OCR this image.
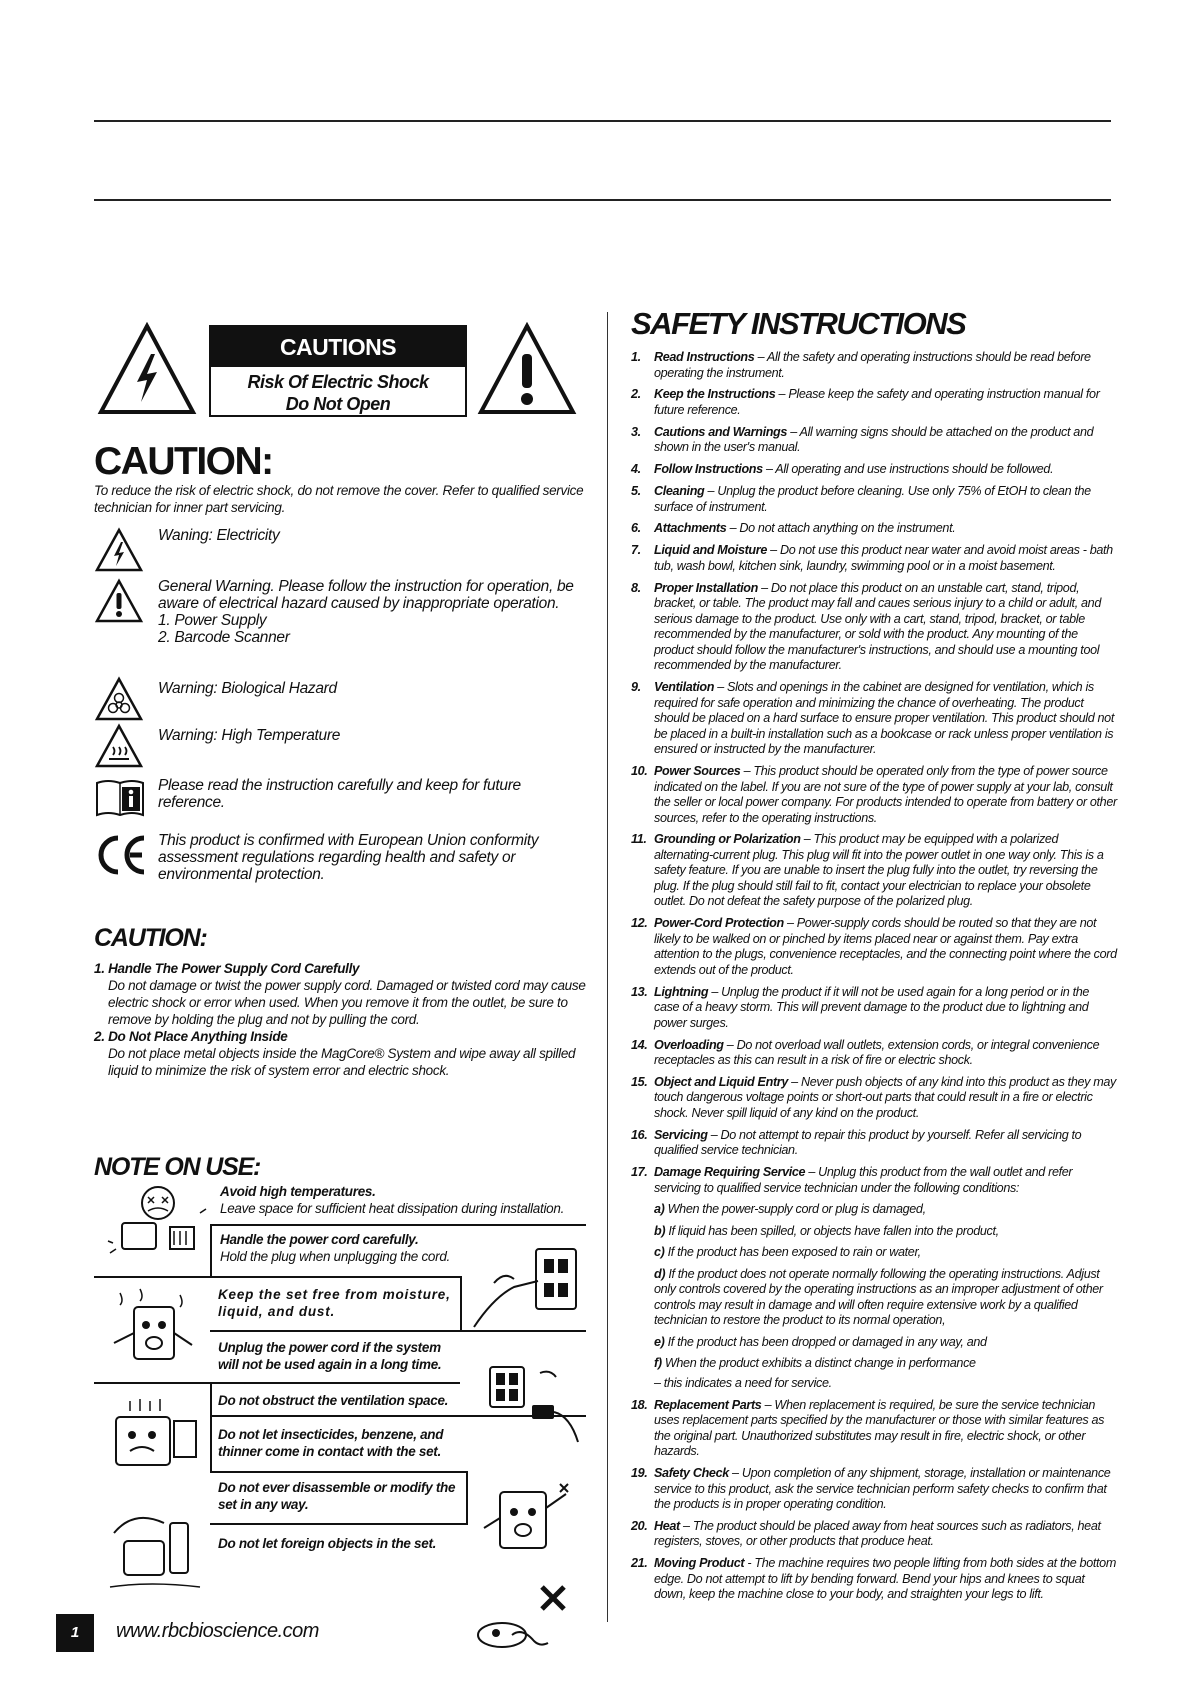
CAUTIONS
Risk Of Electric Shock
Do Not Open
CAUTION:
To reduce the risk of electric shock, do not remove the cover. Refer to qualified service technician for inner part servicing.
Waning: Electricity
General Warning. Please follow the instruction for operation, be aware of electrical hazard caused by inappropriate operation.
1. Power Supply
2. Barcode Scanner
Warning: Biological Hazard
Warning: High Temperature
Please read the instruction carefully and keep for future reference.
This product is confirmed with European Union conformity assessment regulations regarding health and safety or environmental protection.
CAUTION:
1. Handle The Power Supply Cord Carefully
Do not damage or twist the power supply cord. Damaged or twisted cord may cause electric shock or error when used. When you remove it from the outlet, be sure to remove by holding the plug and not by pulling the cord.
2. Do Not Place Anything Inside
Do not place metal objects inside the MagCore® System and wipe away all spilled liquid to minimize the risk of system error and electric shock.
NOTE ON USE:
Avoid high temperatures.
Leave space for sufficient heat dissipation during installation.
Handle the power cord carefully.
Hold the plug when unplugging the cord.
Keep the set free from moisture, liquid, and dust.
Unplug the power cord if the system will not be used again in a long time.
Do not obstruct the ventilation space.
Do not let insecticides, benzene, and thinner come in contact with the set.
Do not ever disassemble or modify the set in any way.
Do not let foreign objects in the set.
SAFETY INSTRUCTIONS
1. Read Instructions – All the safety and operating instructions should be read before operating the instrument.
2. Keep the Instructions – Please keep the safety and operating instruction manual for future reference.
3. Cautions and Warnings – All warning signs should be attached on the product and shown in the user's manual.
4. Follow Instructions – All operating and use instructions should be followed.
5. Cleaning – Unplug the product before cleaning. Use only 75% of EtOH to clean the surface of instrument.
6. Attachments – Do not attach anything on the instrument.
7. Liquid and Moisture – Do not use this product near water and avoid moist areas - bath tub, wash bowl, kitchen sink, laundry, swimming pool or in a moist basement.
8. Proper Installation – Do not place this product on an unstable cart, stand, tripod, bracket, or table. The product may fall and caues serious injury to a child or adult, and serious damage to the product. Use only with a cart, stand, tripod, bracket, or table recommended by the manufacturer, or sold with the product. Any mounting of the product should follow the manufacturer's instructions, and should use a mounting tool recommended by the manufacturer.
9. Ventilation – Slots and openings in the cabinet are designed for ventilation, which is required for safe operation and minimizing the chance of overheating. The product should be placed on a hard surface to ensure proper ventilation. This product should not be placed in a built-in installation such as a bookcase or rack unless proper ventilation is ensured or instructed by the manufacturer.
10. Power Sources – This product should be operated only from the type of power source indicated on the label. If you are not sure of the type of power supply at your lab, consult the seller or local power company. For products intended to operate from battery or other sources, refer to the operating instructions.
11. Grounding or Polarization – This product may be equipped with a polarized alternating-current plug. This plug will fit into the power outlet in one way only. This is a safety feature. If you are unable to insert the plug fully into the outlet, try reversing the plug. If the plug should still fail to fit, contact your electrician to replace your obsolete outlet. Do not defeat the safety purpose of the polarized plug.
12. Power-Cord Protection – Power-supply cords should be routed so that they are not likely to be walked on or pinched by items placed near or against them. Pay extra attention to the plugs, convenience receptacles, and the connecting point where the cord extends out of the product.
13. Lightning – Unplug the product if it will not be used again for a long period or in the case of a heavy storm. This will prevent damage to the product due to lightning and power surges.
14. Overloading – Do not overload wall outlets, extension cords, or integral convenience receptacles as this can result in a risk of fire or electric shock.
15. Object and Liquid Entry – Never push objects of any kind into this product as they may touch dangerous voltage points or short-out parts that could result in a fire or electric shock. Never spill liquid of any kind on the product.
16. Servicing – Do not attempt to repair this product by yourself. Refer all servicing to qualified service technician.
17. Damage Requiring Service – Unplug this product from the wall outlet and refer servicing to qualified service technician under the following conditions:
a) When the power-supply cord or plug is damaged,
b) If liquid has been spilled, or objects have fallen into the product,
c) If the product has been exposed to rain or water,
d) If the product does not operate normally following the operating instructions. Adjust only controls covered by the operating instructions as an improper adjustment of other controls may result in damage and will often require extensive work by a qualified technician to restore the product to its normal operation,
e) If the product has been dropped or damaged in any way, and
f) When the product exhibits a distinct change in performance
– this indicates a need for service.
18. Replacement Parts – When replacement is required, be sure the service technician uses replacement parts specified by the manufacturer or those with similar features as the original part. Unauthorized substitutes may result in fire, electric shock, or other hazards.
19. Safety Check – Upon completion of any shipment, storage, installation or maintenance service to this product, ask the service technician perform safety checks to confirm that the products is in proper operating condition.
20. Heat – The product should be placed away from heat sources such as radiators, heat registers, stoves, or other products that produce heat.
21. Moving Product - The machine requires two people lifting from both sides at the bottom edge. Do not attempt to lift by bending forward. Bend your hips and knees to squat down, keep the machine close to your body, and straighten your legs to lift.
1	www.rbcbioscience.com
